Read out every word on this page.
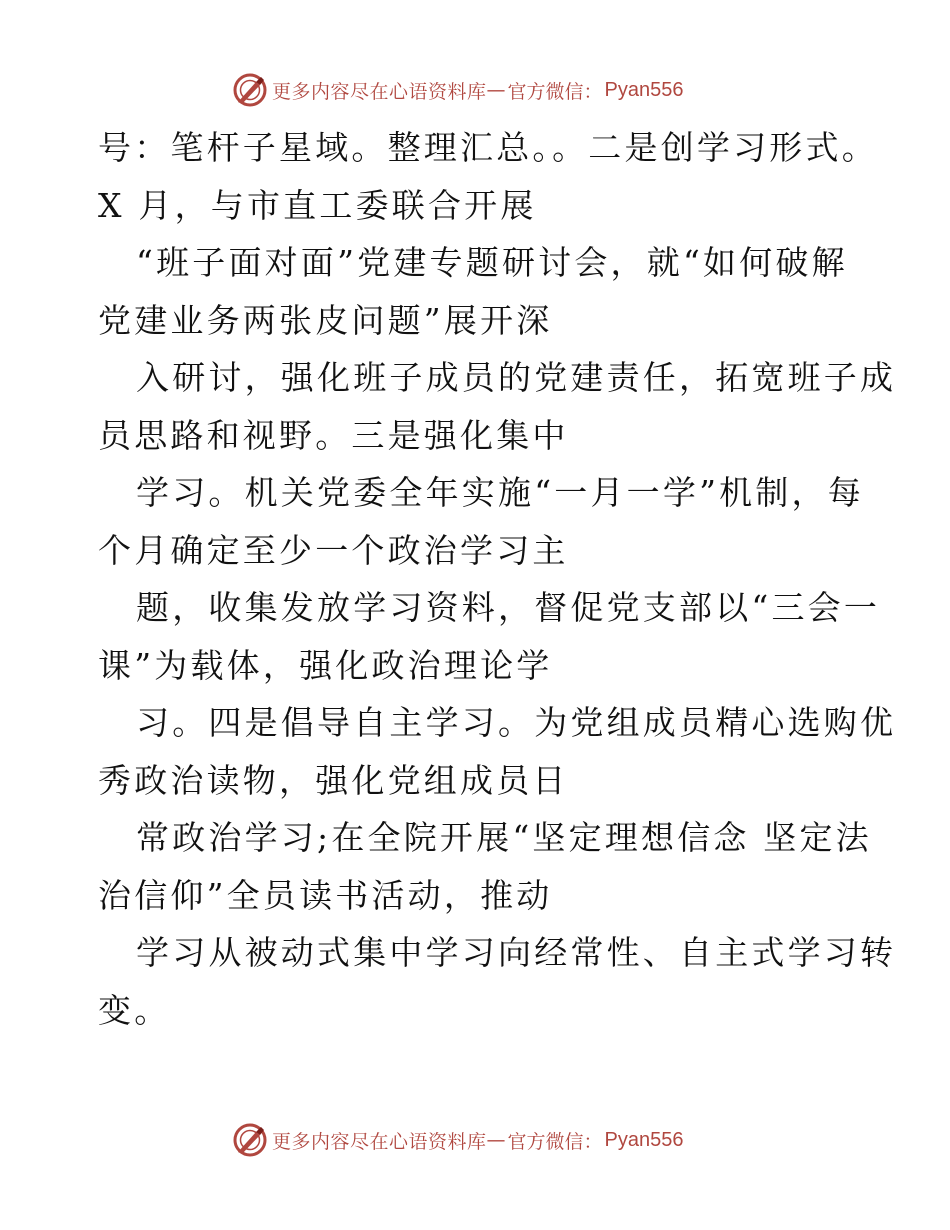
更多内容尽在心语资料库 — 官方微信： Pyan556
号：笔杆子星域。整理汇总。。二是创学习形式。
X 月，与市直工委联合开展
“班子面对面”党建专题研讨会，就“如何破解
党建业务两张皮问题”展开深
入研讨，强化班子成员的党建责任，拓宽班子成
员思路和视野。三是强化集中
学习。机关党委全年实施“一月一学”机制，每
个月确定至少一个政治学习主
题，收集发放学习资料，督促党支部以“三会一
课”为载体，强化政治理论学
习。四是倡导自主学习。为党组成员精心选购优
秀政治读物，强化党组成员日
常政治学习;在全院开展“坚定理想信念 坚定法
治信仰”全员读书活动，推动
学习从被动式集中学习向经常性、自主式学习转
变。
更多内容尽在心语资料库 — 官方微信： Pyan556
